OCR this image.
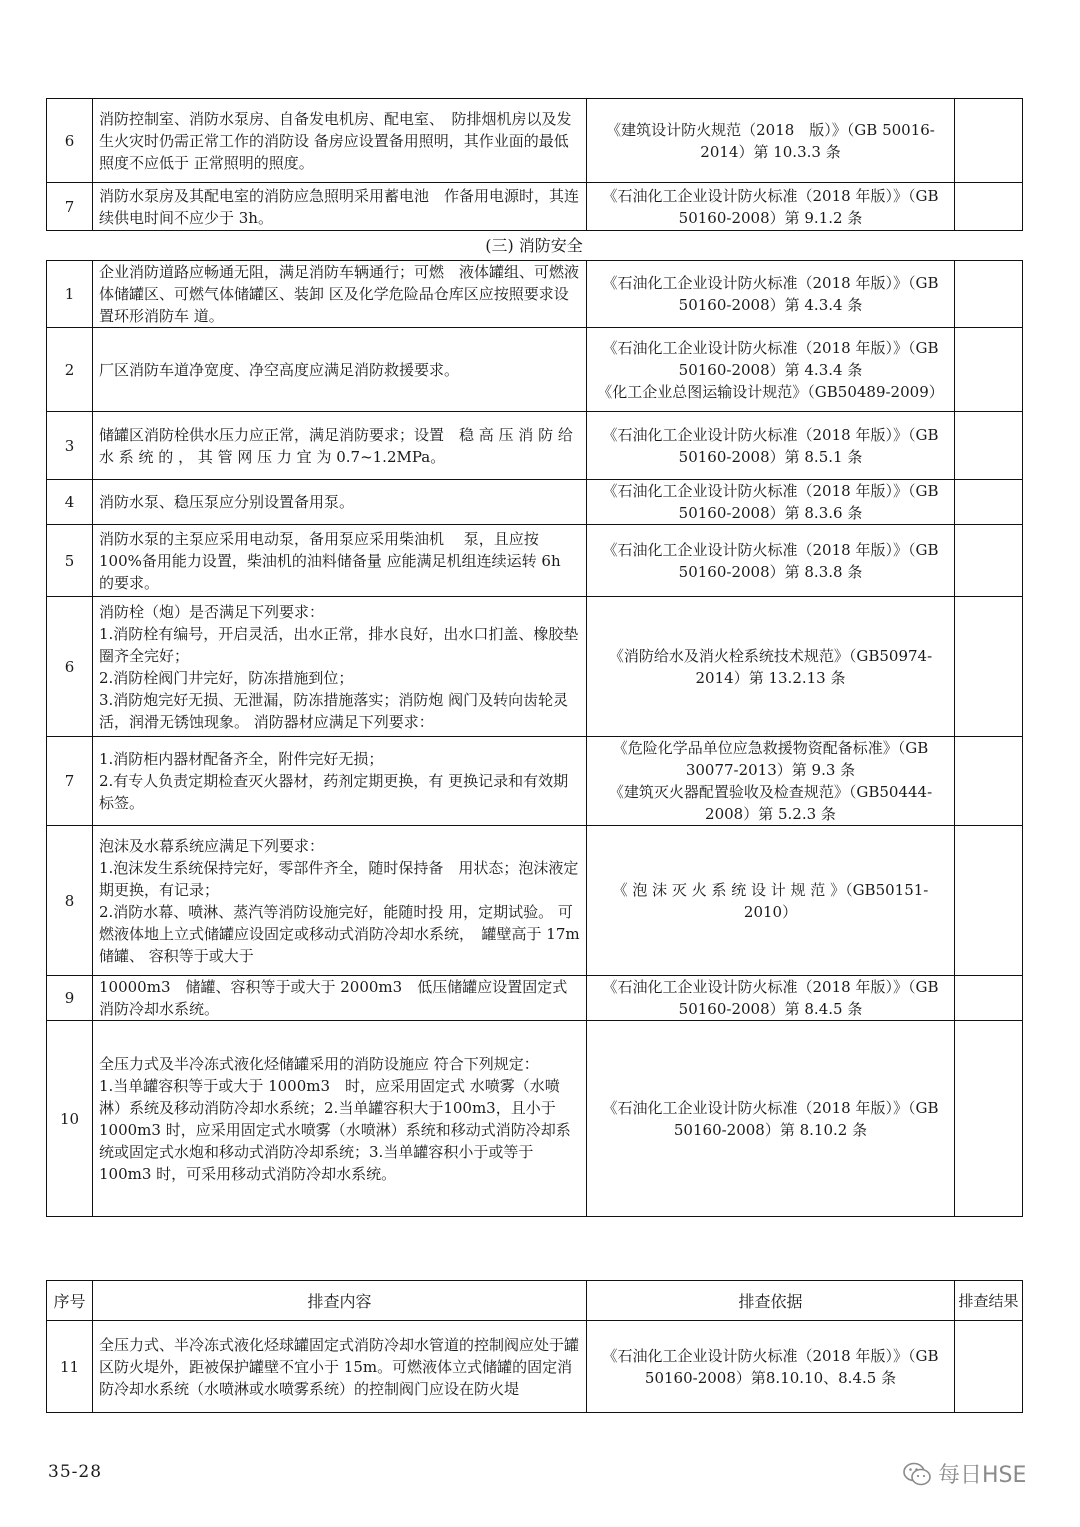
6	消防控制室、消防水泵房、自备发电机房、配电室、　防排烟机房以及发生火灾时仍需正常工作的消防设 备房应设置备用照明，其作业面的最低照度不应低于 正常照明的照度。	《建筑设计防火规范（2018　版）》（GB 50016-2014）第 10.3.3 条	
7	消防水泵房及其配电室的消防应急照明采用蓄电池　作备用电源时，其连续供电时间不应少于 3h。	《石油化工企业设计防火标准（2018 年版）》（GB 50160-2008）第 9.1.2 条	
(三) 消防安全
1	企业消防道路应畅通无阻，满足消防车辆通行；可燃　液体罐组、可燃液体储罐区、可燃气体储罐区、装卸 区及化学危险品仓库区应按照要求设置环形消防车 道。	《石油化工企业设计防火标准（2018 年版）》（GB 50160-2008）第 4.3.4 条	
2	厂区消防车道净宽度、净空高度应满足消防救援要求。	《石油化工企业设计防火标准（2018 年版）》（GB 50160-2008）第 4.3.4 条
《化工企业总图运输设计规范》（GB50489-2009）	
3	储罐区消防栓供水压力应正常，满足消防要求；设置　稳 高 压 消 防 给 水 系 统 的 ， 其 管 网 压 力 宜 为 0.7~1.2MPa。	《石油化工企业设计防火标准（2018 年版）》（GB 50160-2008）第 8.5.1 条	
4	消防水泵、稳压泵应分别设置备用泵。	《石油化工企业设计防火标准（2018 年版）》（GB 50160-2008）第 8.3.6 条	
5	消防水泵的主泵应采用电动泵，备用泵应采用柴油机　 泵，且应按 100%备用能力设置，柴油机的油料储备量 应能满足机组连续运转 6h 的要求。	《石油化工企业设计防火标准（2018 年版）》（GB 50160-2008）第 8.3.8 条	
6	消防栓（炮）是否满足下列要求：
1.消防栓有编号，开启灵活，出水正常，排水良好，出水口扪盖、橡胶垫圈齐全完好；
2.消防栓阀门井完好，防冻措施到位；
3.消防炮完好无损、无泄漏，防冻措施落实；消防炮 阀门及转向齿轮灵活，润滑无锈蚀现象。 消防器材应满足下列要求：	《消防给水及消火栓系统技术规范》（GB50974-2014）第 13.2.13 条	
7	1.消防柜内器材配备齐全，附件完好无损；
2.有专人负责定期检查灭火器材，药剂定期更换，有 更换记录和有效期标签。	《危险化学品单位应急救援物资配备标准》（GB 30077-2013）第 9.3 条
《建筑灭火器配置验收及检查规范》（GB50444-2008）第 5.2.3 条	
8	泡沫及水幕系统应满足下列要求：
1.泡沫发生系统保持完好，零部件齐全，随时保持备　用状态；泡沫液定期更换，有记录；
2.消防水幕、喷淋、蒸汽等消防设施完好，能随时投 用，定期试验。 可燃液体地上立式储罐应设固定或移动式消防冷却水系统，　罐壁高于 17m　储罐、 容积等于或大于	《 泡 沫 灭 火 系 统 设 计 规 范 》（GB50151-2010）	
9	10000m3　储罐、容积等于或大于 2000m3　低压储罐应设置固定式消防冷却水系统。	《石油化工企业设计防火标准（2018 年版）》（GB 50160-2008）第 8.4.5 条	
10	全压力式及半冷冻式液化烃储罐采用的消防设施应 符合下列规定：
1.当单罐容积等于或大于 1000m3　时，应采用固定式 水喷雾（水喷淋）系统及移动消防冷却水系统；2.当单罐容积大于100m3，且小于1000m3 时，应采用固定式水喷雾（水喷淋）系统和移动式消防冷却系统或固定式水炮和移动式消防冷却系统；3.当单罐容积小于或等于100m3 时，可采用移动式消防冷却水系统。	《石油化工企业设计防火标准（2018 年版）》（GB 50160-2008）第 8.10.2 条	
序号	排查内容	排查依据	排查结果
11	全压力式、半冷冻式液化烃球罐固定式消防冷却水管道的控制阀应处于罐区防火堤外，距被保护罐壁不宜小于 15m。可燃液体立式储罐的固定消防冷却水系统（水喷淋或水喷雾系统）的控制阀门应设在防火堤	《石油化工企业设计防火标准（2018 年版）》（GB 50160-2008）第8.10.10、8.4.5 条	
35-28	每日HSE
